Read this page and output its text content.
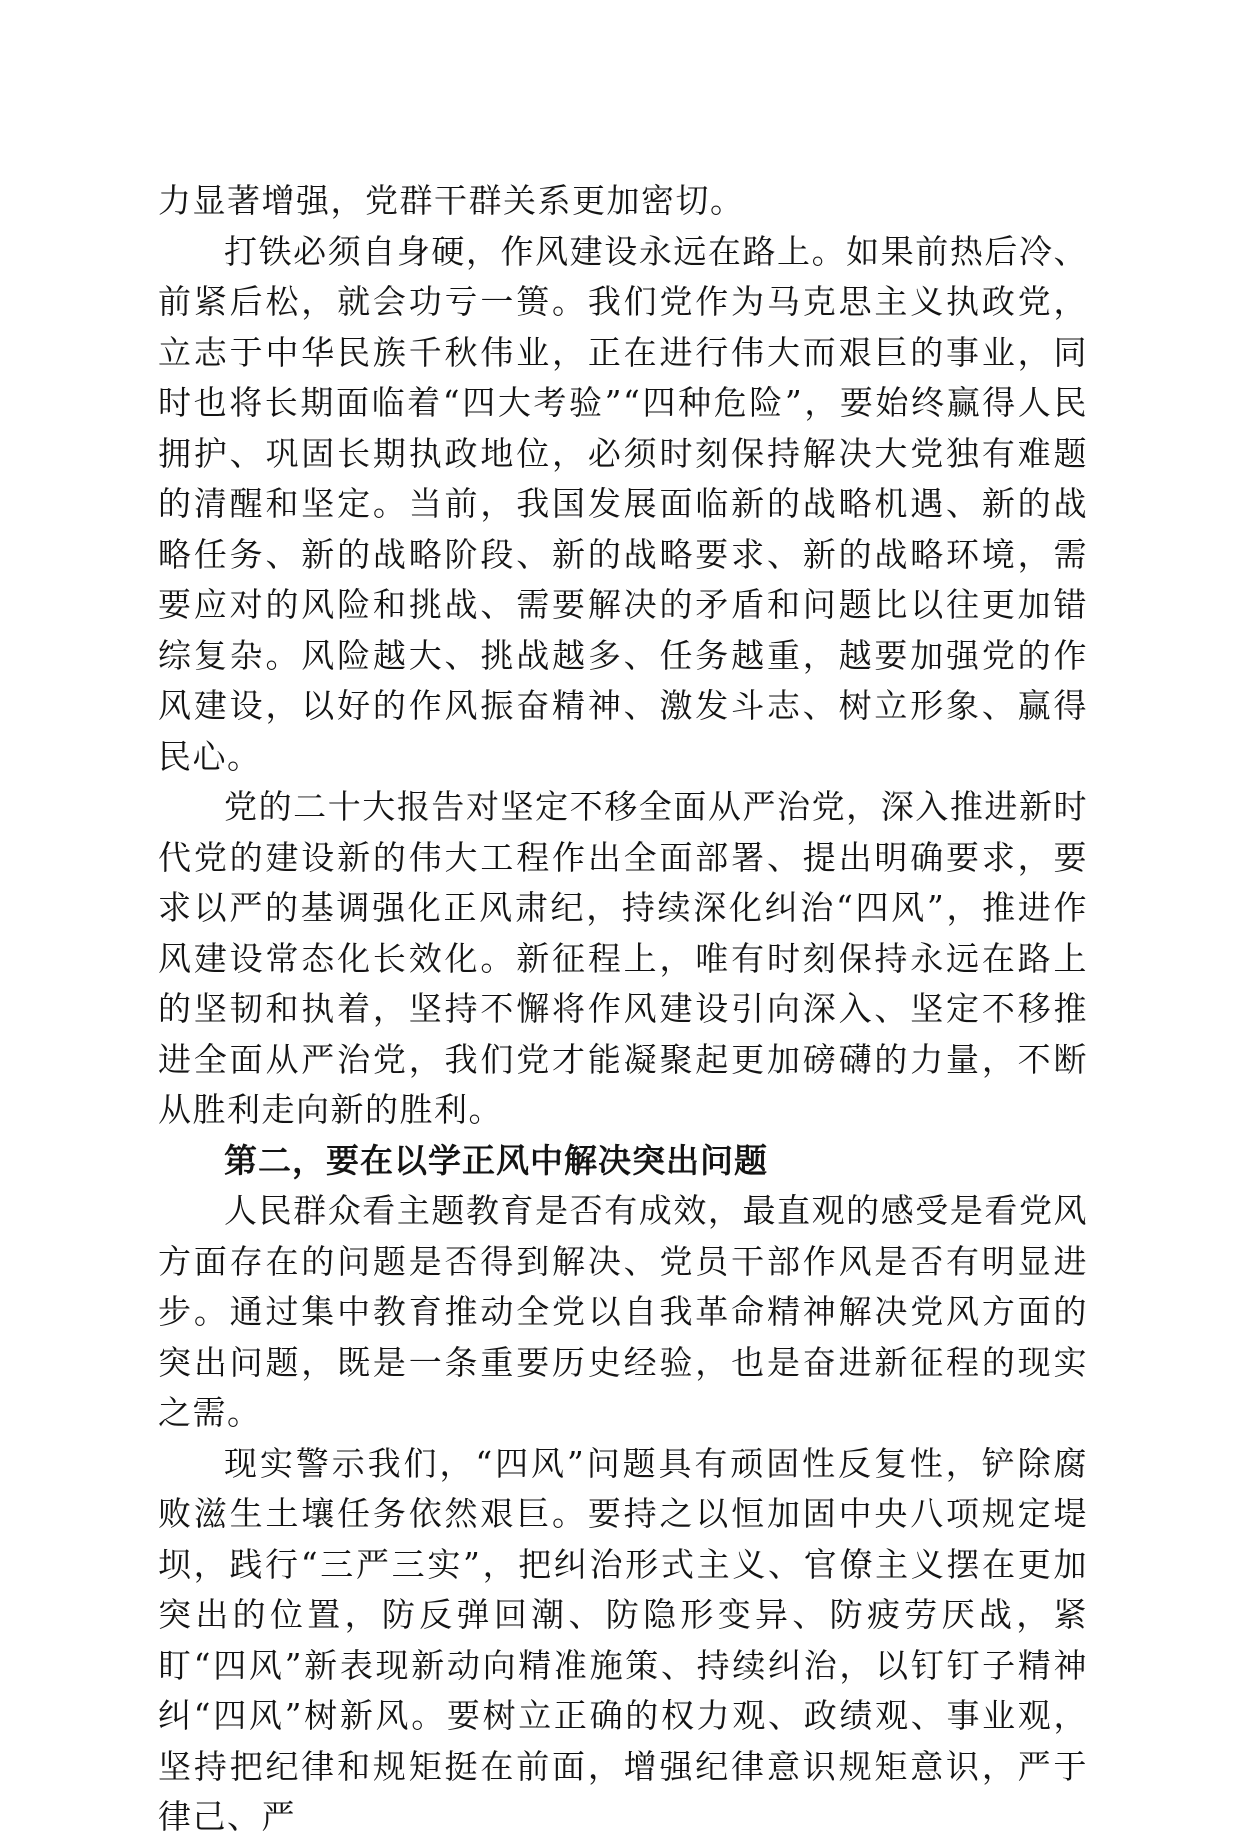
力显著增强，党群干群关系更加密切。

打铁必须自身硬，作风建设永远在路上。如果前热后冷、前紧后松，就会功亏一篑。我们党作为马克思主义执政党，立志于中华民族千秋伟业，正在进行伟大而艰巨的事业，同时也将长期面临着“四大考验”“四种危险”，要始终赢得人民拥护、巩固长期执政地位，必须时刻保持解决大党独有难题的清醒和坚定。当前，我国发展面临新的战略机遇、新的战略任务、新的战略阶段、新的战略要求、新的战略环境，需要应对的风险和挑战、需要解决的矛盾和问题比以往更加错综复杂。风险越大、挑战越多、任务越重，越要加强党的作风建设，以好的作风振奋精神、激发斗志、树立形象、赢得民心。

党的二十大报告对坚定不移全面从严治党，深入推进新时代党的建设新的伟大工程作出全面部署、提出明确要求，要求以严的基调强化正风肃纪，持续深化纠治“四风”，推进作风建设常态化长效化。新征程上，唯有时刻保持永远在路上的坚韧和执着，坚持不懈将作风建设引向深入、坚定不移推进全面从严治党，我们党才能凝聚起更加磅礴的力量，不断从胜利走向新的胜利。

第二，要在以学正风中解决突出问题

人民群众看主题教育是否有成效，最直观的感受是看党风方面存在的问题是否得到解决、党员干部作风是否有明显进步。通过集中教育推动全党以自我革命精神解决党风方面的突出问题，既是一条重要历史经验，也是奋进新征程的现实之需。

现实警示我们，“四风”问题具有顽固性反复性，铲除腐败滋生土壤任务依然艰巨。要持之以恒加固中央八项规定堤坝，践行“三严三实”，把纠治形式主义、官僚主义摆在更加突出的位置，防反弹回潮、防隐形变异、防疲劳厌战，紧盯“四风”新表现新动向精准施策、持续纠治，以钉钉子精神纠“四风”树新风。要树立正确的权力观、政绩观、事业观，坚持把纪律和规矩挺在前面，增强纪律意识规矩意识，严于律己、严
